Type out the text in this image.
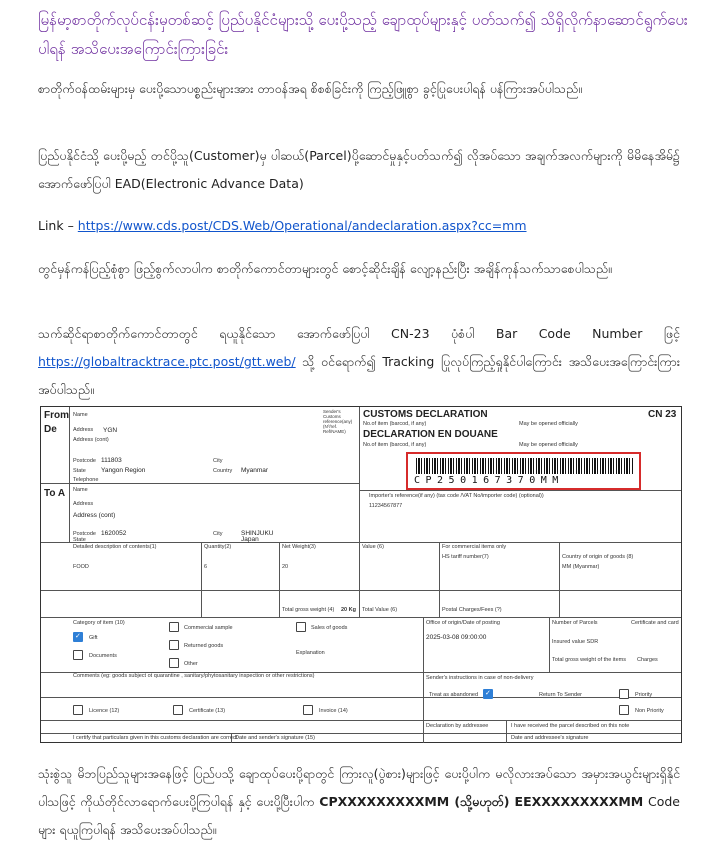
မြန်မာ့စာတိုက်လုပ်ငန်းမှတစ်ဆင့် ပြည်ပနိုင်ငံများသို့ ပေးပို့သည့် ချောထုပ်များနှင့် ပတ်သက်၍ သိရှိလိုက်နာဆောင်ရွက်ပေးပါရန် အသိပေးအကြောင်းကြားခြင်း
စာတိုက်ဝန်ထမ်းများမှ ပေးပို့သောပစ္စည်းများအား တာဝန်အရ စိစစ်ခြင်းကို ကြည့်ဖြူစွာ ခွင့်ပြုပေးပါရန် ပန်ကြားအပ်ပါသည်။
ပြည်ပနိုင်ငံသို့ ပေးပို့မည့် တင်ပို့သူ(Customer)မှ ပါဆယ်(Parcel)ပို့ဆောင်မှုနှင့်ပတ်သက်၍ လိုအပ်သော အချက်အလက်များကို မိမိနေအိမ်၌ အောက်ဖော်ပြပါ EAD(Electronic Advance Data)
Link – https://www.cds.post/CDS.Web/Operational/andeclaration.aspx?cc=mm
တွင်မှန်ကန်ပြည့်စုံစွာ ဖြည့်စွက်လာပါက စာတိုက်ကောင်တာများတွင် စောင့်ဆိုင်းချိန် လျော့နည်းပြီး အချိန်ကုန်သက်သာစေပါသည်။
သက်ဆိုင်ရာစာတိုက်ကောင်တာတွင် ရယူနိုင်သော အောက်ဖော်ပြပါ CN-23 ပုံစံပါ Bar Code Number ဖြင့် https://globaltracktrace.ptc.post/gtt.web/ သို့ ဝင်ရောက်၍ Tracking ပြုလုပ်ကြည့်ရှုနိုင်ပါကြောင်း အသိပေးအကြောင်းကြားအပ်ပါသည်။
From
De
Name
Address YGN
Address (cont)
Postcode 111803	City
State Yangon Region	Country Myanmar
Telephone
Sender's Customs reference(any) (Nº/ref. Ref/NAME)
To A Name
Address
Address (cont)
Postcode 1620052	City	SHINJUKU
State	Japan
CUSTOMS DECLARATION	CN 23
No.of item (barcod, if any)	May be opened officially
DECLARATION EN DOUANE
No.of item (barcod, if any)	May be opened officially
CP250167370MM
Importer's reference(if any) (tax code /VAT No/importer code) (optional))
11234567877
Detailed description of contents(1)	Quantity(2)	Net Weight(3)	Value (6)	For commercial items only
HS tariff number(7)	Country of origin of goods (8)
MM (Myanmar)
FOOD	6	20
Total gross weight (4) 20 Kg Total Value (6)	Postal Charges/Fees (?)
Category of item (10)
✓
Gift
Documents
Commercial sample
Returned goods
Other
Sales of goods
Explanation
Office of origin/Date of posting
2025-03-08 09:00:00
Number of Parcels	Certificate and card
Insured value SDR
Total gross weight of the items Charges
Comments (eg: goods subject ot quarantine , sanitary/phytosanitary inspection or other restrictions)	Sender's instructions in case of non-delivery
Treat as abandoned
✓	Return To Sender	Priority
Non Priority
Licence (12)	Certificate (13)	Invoice (14)
Declaration by addressee	I have received the parcel described on this note
I certify that particulars given in this customs declaration are correct
Date and sender's signature (15)	Date and addressee's signature
သုံးစွဲသူ မိဘပြည်သူများအနေဖြင့် ပြည်ပသို့ ချောထုပ်ပေးပို့ရာတွင် ကြားလူ(ပွဲစား)များဖြင့် ပေးပို့ပါက မလိုလားအပ်သော အမှားအယွင်းများရှိနိုင်ပါသဖြင့် ကိုယ်တိုင်လာရောက်ပေးပို့ကြပါရန် နှင့် ပေးပို့ပြီးပါက CPXXXXXXXXXMM (သို့မဟုတ်) EEXXXXXXXXXMM Code များ ရယူကြပါရန် အသိပေးအပ်ပါသည်။
